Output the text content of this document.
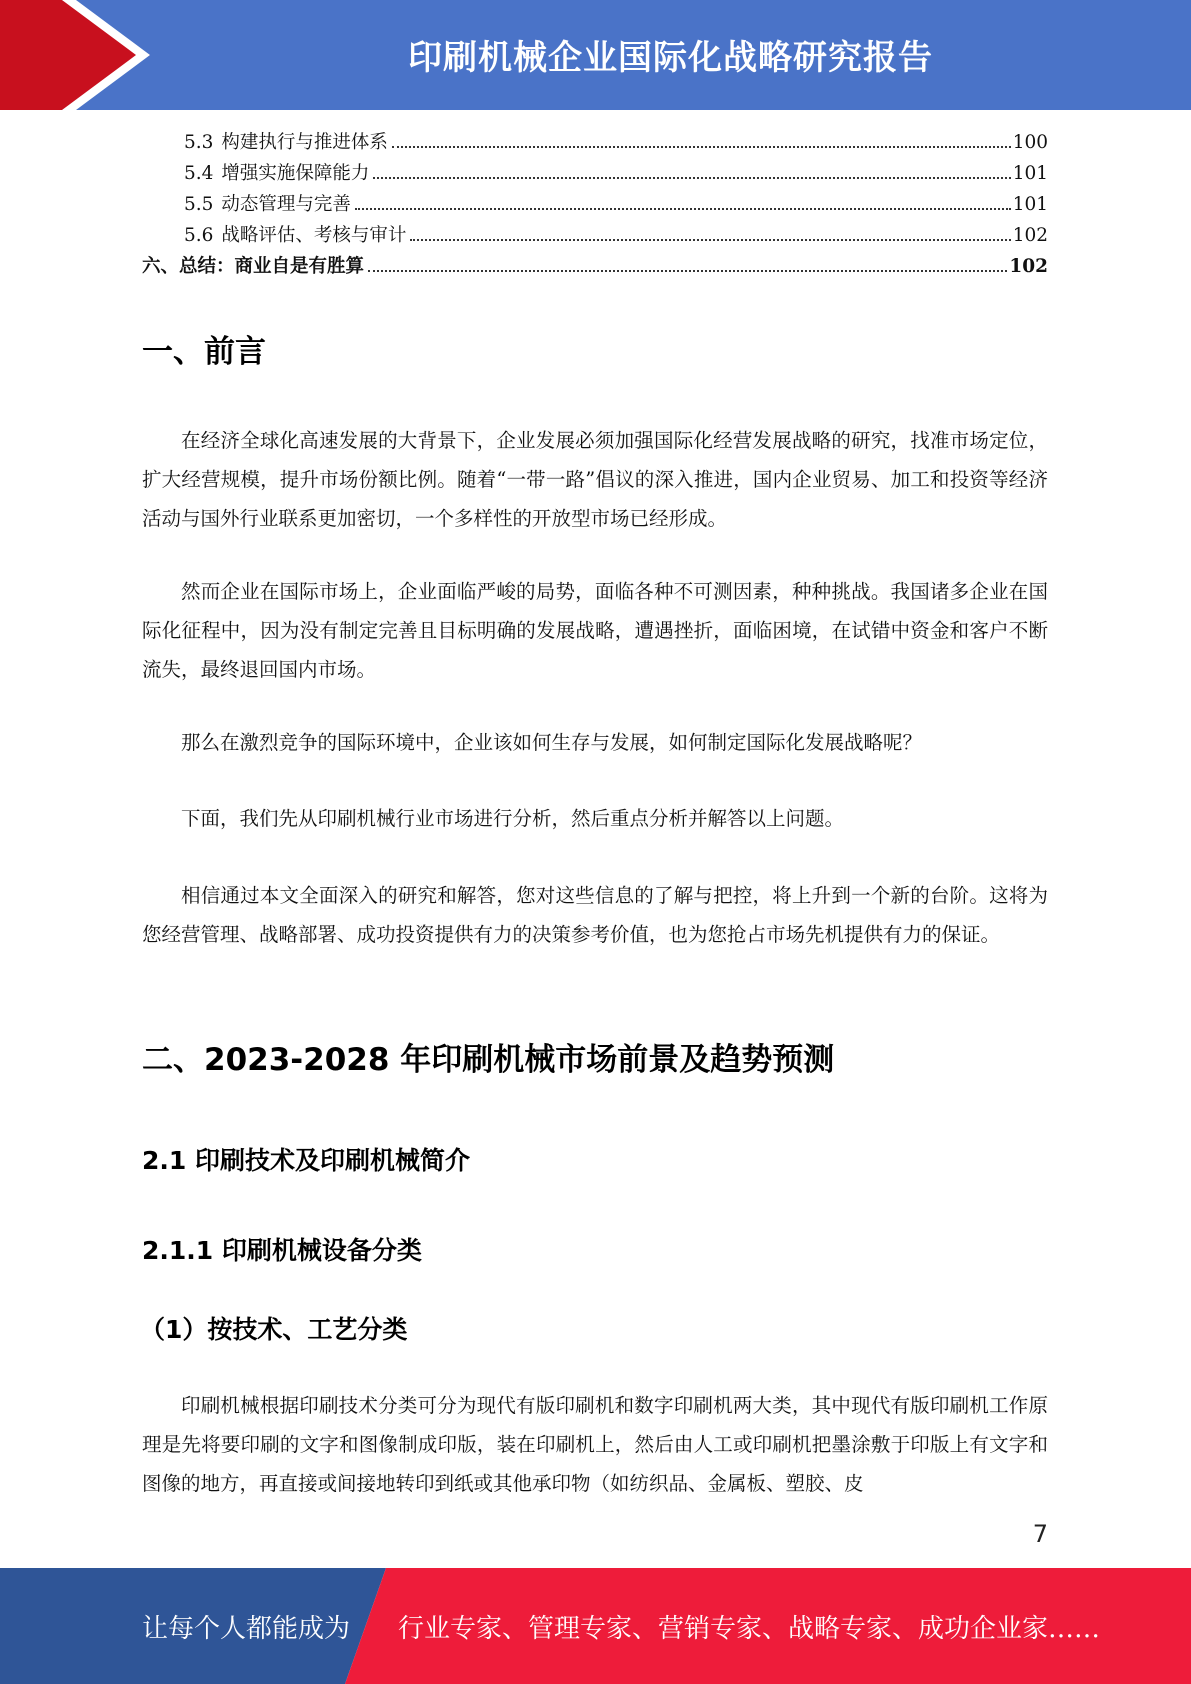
印刷机械企业国际化战略研究报告
5.3 构建执行与推进体系	100
5.4 增强实施保障能力	101
5.5 动态管理与完善	101
5.6 战略评估、考核与审计	102
六、总结：商业自是有胜算	102
一、前言
在经济全球化高速发展的大背景下，企业发展必须加强国际化经营发展战略的研究，找准市场定位，扩大经营规模，提升市场份额比例。随着“一带一路”倡议的深入推进，国内企业贸易、加工和投资等经济活动与国外行业联系更加密切，一个多样性的开放型市场已经形成。
然而企业在国际市场上，企业面临严峻的局势，面临各种不可测因素，种种挑战。我国诸多企业在国际化征程中，因为没有制定完善且目标明确的发展战略，遭遇挫折，面临困境，在试错中资金和客户不断流失，最终退回国内市场。
那么在激烈竞争的国际环境中，企业该如何生存与发展，如何制定国际化发展战略呢？
下面，我们先从印刷机械行业市场进行分析，然后重点分析并解答以上问题。
相信通过本文全面深入的研究和解答，您对这些信息的了解与把控，将上升到一个新的台阶。这将为您经营管理、战略部署、成功投资提供有力的决策参考价值，也为您抢占市场先机提供有力的保证。
二、2023-2028 年印刷机械市场前景及趋势预测
2.1 印刷技术及印刷机械简介
2.1.1 印刷机械设备分类
（1）按技术、工艺分类
印刷机械根据印刷技术分类可分为现代有版印刷机和数字印刷机两大类，其中现代有版印刷机工作原理是先将要印刷的文字和图像制成印版，装在印刷机上，然后由人工或印刷机把墨涂敷于印版上有文字和图像的地方，再直接或间接地转印到纸或其他承印物（如纺织品、金属板、塑胶、皮
7
让每个人都能成为 行业专家、管理专家、营销专家、战略专家、成功企业家……
